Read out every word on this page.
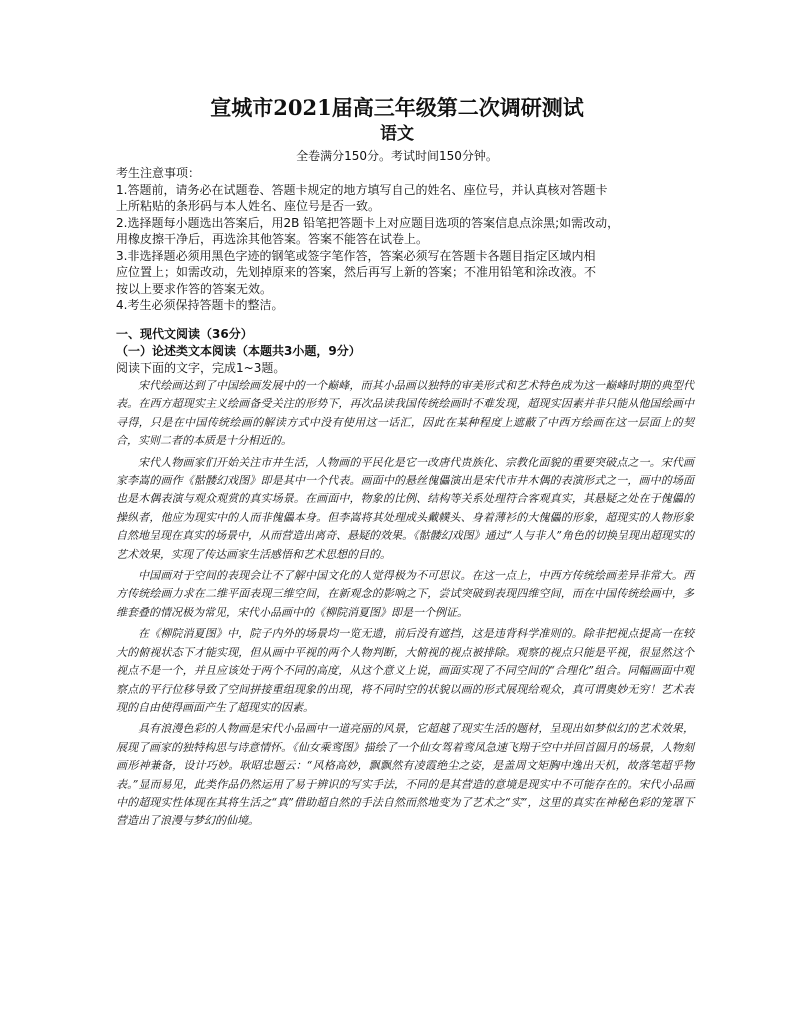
宣城市2021届高三年级第二次调研测试
语文
全卷满分150分。考试时间150分钟。
考生注意事项：
1.答题前，请务必在试题卷、答题卡规定的地方填写自己的姓名、座位号，并认真核对答题卡
上所粘贴的条形码与本人姓名、座位号是否一致。
2.选择题每小题选出答案后，用2B 铅笔把答题卡上对应题目选项的答案信息点涂黑;如需改动，
用橡皮擦干净后，再选涂其他答案。答案不能答在试卷上。
3.非选择题必须用黑色字迹的钢笔或签字笔作答，答案必须写在答题卡各题目指定区域内相
应位置上；如需改动，先划掉原来的答案，然后再写上新的答案；不准用铅笔和涂改液。不
按以上要求作答的答案无效。
4.考生必须保持答题卡的整洁。
一、现代文阅读（36分）
（一）论述类文本阅读（本题共3小题，9分）
阅读下面的文字，完成1~3题。

宋代绘画达到了中国绘画发展中的一个巅峰，而其小品画以独特的审美形式和艺术特色成为这一巅峰时期的典型代表。在西方超现实主义绘画备受关注的形势下，再次品读我国传统绘画时不难发现，超现实因素并非只能从他国绘画中寻得，只是在中国传统绘画的解读方式中没有使用这一话汇，因此在某种程度上遮蔽了中西方绘画在这一层面上的契合，实则二者的本质是十分相近的。

宋代人物画家们开始关注市井生活，人物画的平民化是它一改唐代贵族化、宗教化面貌的重要突破点之一。宋代画家李嵩的画作《骷髅幻戏图》即是其中一个代表。画面中的悬丝傀儡演出是宋代市井木偶的表演形式之一，画中的场面也是木偶表演与观众观赏的真实场景。在画面中，物象的比例、结构等关系处理符合客观真实，其悬疑之处在于傀儡的操纵者，他应为现实中的人而非傀儡本身。但李嵩将其处理成头戴幞头、身着薄衫的大傀儡的形象，超现实的人物形象自然地呈现在真实的场景中，从而营造出离奇、悬疑的效果。《骷髅幻戏图》通过“人与非人”角色的切换呈现出超现实的艺术效果，实现了传达画家生活感悟和艺术思想的目的。

中国画对于空间的表现会让不了解中国文化的人觉得极为不可思议。在这一点上，中西方传统绘画差异非常大。西方传统绘画力求在二维平面表现三维空间，在新观念的影响之下，尝试突破到表现四维空间，而在中国传统绘画中，多维套叠的情况极为常见，宋代小品画中的《柳院消夏图》即是一个例证。

在《柳院消夏图》中，院子内外的场景均一览无遗，前后没有遮挡，这是违背科学准则的。除非把视点提高一在较大的俯视状态下才能实现，但从画中平视的两个人物判断，大俯视的视点被排除。观察的视点只能是平视，很显然这个视点不是一个，并且应该处于两个不同的高度，从这个意义上说，画面实现了不同空间的“合理化”组合。同幅画面中观察点的平行位移导致了空间拼接重组现象的出现，将不同时空的状貌以画的形式展现给观众，真可谓奥妙无穷！艺术表现的自由使得画面产生了超现实的因素。

具有浪漫色彩的人物画是宋代小品画中一道亮丽的风景，它超越了现实生活的题材，呈现出如梦似幻的艺术效果，展现了画家的独特构思与诗意情怀。《仙女乘鸾图》描绘了一个仙女驾着鸾凤急速飞翔于空中并回首圆月的场景，人物刻画形神兼备，设计巧妙。耿昭忠题云：“风格高妙，飘飘然有凌霞绝尘之姿，是盖周文矩胸中逸出天机，故落笔超乎物表。”显而易见，此类作品仍然运用了易于辨识的写实手法，不同的是其营造的意境是现实中不可能存在的。宋代小品画中的超现实性体现在其将生活之“真”借助超自然的手法自然而然地变为了艺术之“实”，这里的真实在神秘色彩的笼罩下营造出了浪漫与梦幻的仙境。
